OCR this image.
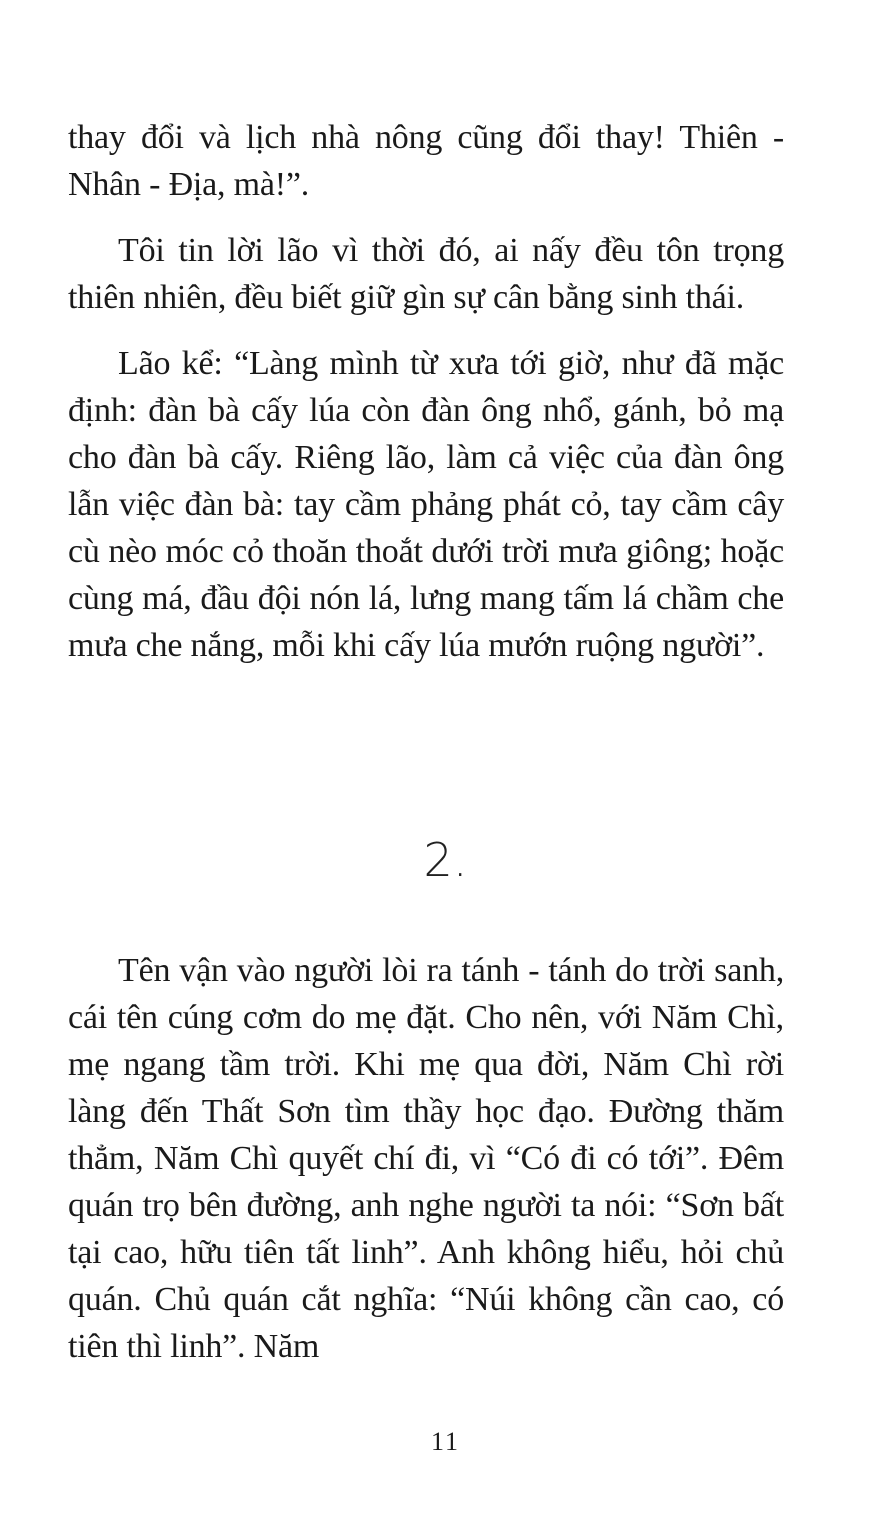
thay đổi và lịch nhà nông cũng đổi thay! Thiên - Nhân - Địa, mà!”.

Tôi tin lời lão vì thời đó, ai nấy đều tôn trọng thiên nhiên, đều biết giữ gìn sự cân bằng sinh thái.

Lão kể: “Làng mình từ xưa tới giờ, như đã mặc định: đàn bà cấy lúa còn đàn ông nhổ, gánh, bỏ mạ cho đàn bà cấy. Riêng lão, làm cả việc của đàn ông lẫn việc đàn bà: tay cầm phảng phát cỏ, tay cầm cây cù nèo móc cỏ thoăn thoắt dưới trời mưa giông; hoặc cùng má, đầu đội nón lá, lưng mang tấm lá chầm che mưa che nắng, mỗi khi cấy lúa mướn ruộng người”.

2.

Tên vận vào người lòi ra tánh - tánh do trời sanh, cái tên cúng cơm do mẹ đặt. Cho nên, với Năm Chì, mẹ ngang tầm trời. Khi mẹ qua đời, Năm Chì rời làng đến Thất Sơn tìm thầy học đạo. Đường thăm thẳm, Năm Chì quyết chí đi, vì “Có đi có tới”. Đêm quán trọ bên đường, anh nghe người ta nói: “Sơn bất tại cao, hữu tiên tất linh”. Anh không hiểu, hỏi chủ quán. Chủ quán cắt nghĩa: “Núi không cần cao, có tiên thì linh”. Năm

11
